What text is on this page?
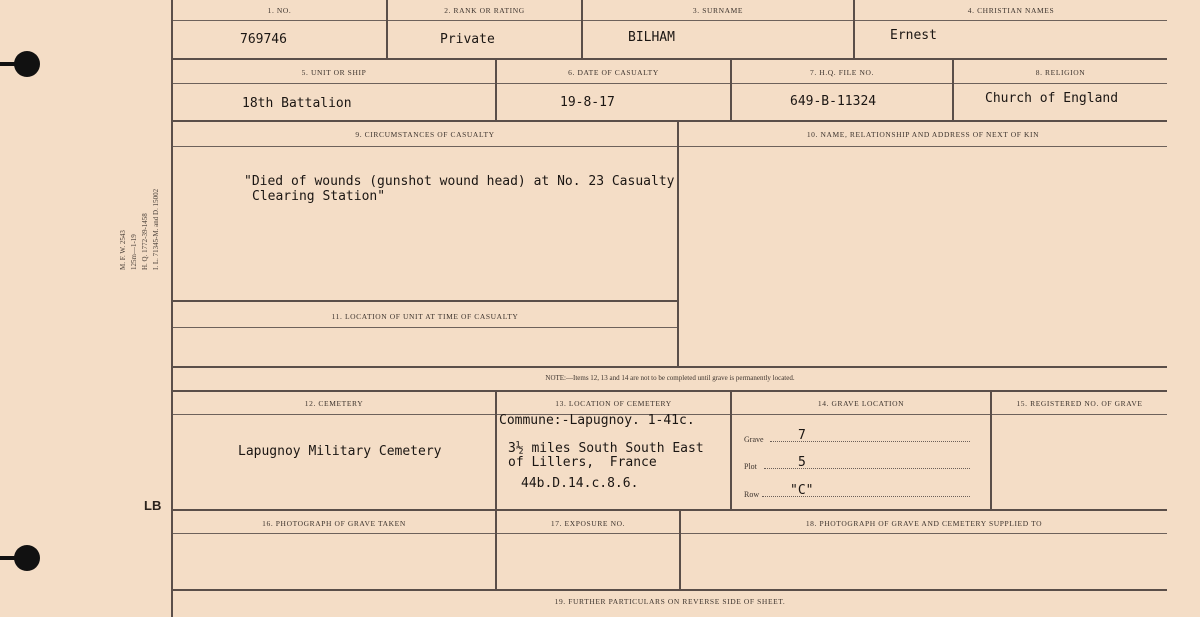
M. F. W. 2543 125m—1-19 H. Q. 1772-39-1458 I. L. 71345-M. and D. 15002
LB
1. NO.	2. RANK OR RATING	3. SURNAME	4. CHRISTIAN NAMES
769746	Private	BILHAM	Ernest
5. UNIT OR SHIP	6. DATE OF CASUALTY	7. H.Q. FILE NO.	8. RELIGION
18th Battalion	19-8-17	649-B-11324	Church of England
9. CIRCUMSTANCES OF CASUALTY	10. NAME, RELATIONSHIP AND ADDRESS OF NEXT OF KIN
11. LOCATION OF UNIT AT TIME OF CASUALTY
"Died of wounds (gunshot wound head) at No. 23 Casualty
Clearing Station"
NOTE:—Items 12, 13 and 14 are not to be completed until grave is permanently located.
12. CEMETERY	13. LOCATION OF CEMETERY	14. GRAVE LOCATION	15. REGISTERED NO. OF GRAVE
Lapugnoy Military Cemetery
Commune:-Lapugnoy. 1-41c.
3½ miles South South East
of Lillers,  France
44b.D.14.c.8.6.
Grave	7
Plot	5
Row "C"
16. PHOTOGRAPH OF GRAVE TAKEN	17. EXPOSURE NO.	18. PHOTOGRAPH OF GRAVE AND CEMETERY SUPPLIED TO
19. FURTHER PARTICULARS ON REVERSE SIDE OF SHEET.
